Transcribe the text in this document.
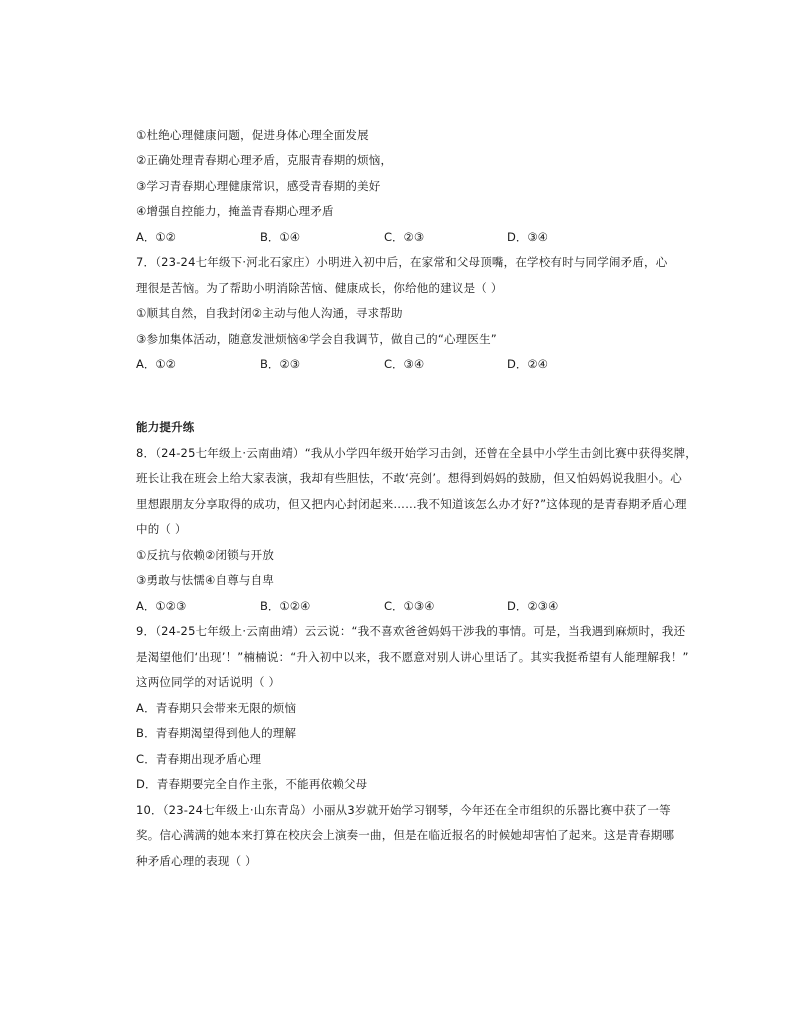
①杜绝心理健康问题，促进身体心理全面发展
②正确处理青春期心理矛盾，克服青春期的烦恼，
③学习青春期心理健康常识，感受青春期的美好
④增强自控能力，掩盖青春期心理矛盾
A．①②	B．①④	C．②③	D．③④
7．（23-24七年级下·河北石家庄）小明进入初中后，在家常和父母顶嘴，在学校有时与同学闹矛盾，心
理很是苦恼。为了帮助小明消除苦恼、健康成长，你给他的建议是（ ）
①顺其自然，自我封闭②主动与他人沟通，寻求帮助
③参加集体活动，随意发泄烦恼④学会自我调节，做自己的“心理医生”
A．①②	B．②③	C．③④	D．②④
能力提升练
8．（24-25七年级上·云南曲靖）“我从小学四年级开始学习击剑，还曾在全县中小学生击剑比赛中获得奖牌，
班长让我在班会上给大家表演，我却有些胆怯，不敢‘亮剑’。想得到妈妈的鼓励，但又怕妈妈说我胆小。心
里想跟朋友分享取得的成功，但又把内心封闭起来……我不知道该怎么办才好?”这体现的是青春期矛盾心理
中的（ ）
①反抗与依赖②闭锁与开放
③勇敢与怯懦④自尊与自卑
A．①②③	B．①②④	C．①③④	D．②③④
9．（24-25七年级上·云南曲靖）云云说：“我不喜欢爸爸妈妈干涉我的事情。可是，当我遇到麻烦时，我还
是渴望他们‘出现’！”楠楠说：“升入初中以来，我不愿意对别人讲心里话了。其实我挺希望有人能理解我！”
这两位同学的对话说明（ ）
A．青春期只会带来无限的烦恼
B．青春期渴望得到他人的理解
C．青春期出现矛盾心理
D．青春期要完全自作主张，不能再依赖父母
10．（23-24七年级上·山东青岛）小丽从3岁就开始学习钢琴，今年还在全市组织的乐器比赛中获了一等
奖。信心满满的她本来打算在校庆会上演奏一曲，但是在临近报名的时候她却害怕了起来。这是青春期哪
种矛盾心理的表现（ ）
